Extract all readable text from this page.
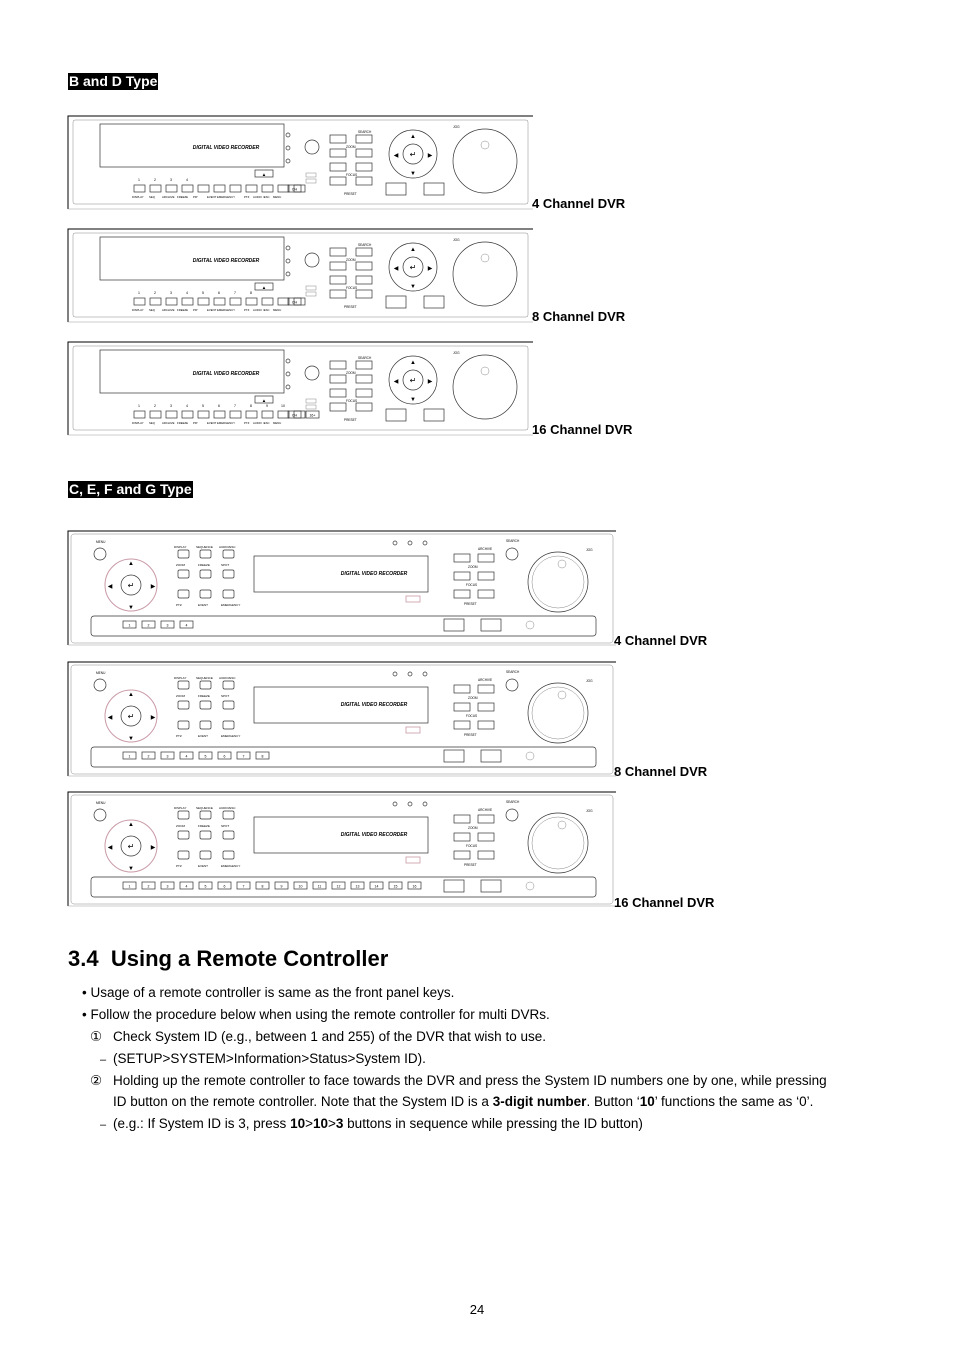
B and D Type
C, E, F and G Type
DIGITAL VIDEO RECORDER
▲
1	2	3	4
CH
DISPLAY SEQ	ARCHIVE FREEZE PIP	EVENT EMERGENCY	PTZ AUDIO /ESC MENU
SEARCH
ZOOM
FOCUS
PRESET
↵
▲
▼
◀	▶
JOG
DIGITAL VIDEO RECORDER
▲
1	2	3	4	5	6	7	8
CH
DISPLAY SEQ	ARCHIVE FREEZE PIP	EVENT EMERGENCY	PTZ AUDIO /ESC MENU
SEARCH
ZOOM
FOCUS
PRESET
↵
▲
▼
◀	▶
JOG
DIGITAL VIDEO RECORDER
▲
1	2	3	4	5	6	7	8	9	10
CH	16+
DISPLAY SEQ	ARCHIVE FREEZE PIP	EVENT EMERGENCY	PTZ AUDIO /ESC MENU
SEARCH
ZOOM
FOCUS
PRESET
↵
▲
▼
◀	▶
JOG
4 Channel DVR
8 Channel DVR
16 Channel DVR
MENU
↵
▲
▼
◀	▶
DISPLAY	SEQUENCE AUDIO/ESC
ZOOM	FREEZE	SPOT
PTZ	EVENT	EMERGENCY
DIGITAL VIDEO RECORDER
ARCHIVE
ZOOM
FOCUS
PRESET
SEARCH
JOG
1	2	3	4
MENU
↵
▲
▼
◀	▶
DISPLAY	SEQUENCE AUDIO/ESC
ZOOM	FREEZE	SPOT
PTZ	EVENT	EMERGENCY
DIGITAL VIDEO RECORDER
ARCHIVE
ZOOM
FOCUS
PRESET
SEARCH
JOG
1	2	3	4	5	6	7	8
MENU
↵
▲
▼
◀	▶
DISPLAY	SEQUENCE AUDIO/ESC
ZOOM	FREEZE	SPOT
PTZ	EVENT	EMERGENCY
DIGITAL VIDEO RECORDER
ARCHIVE
ZOOM
FOCUS
PRESET
SEARCH
JOG
1	2	3	4	5	6	7	8	9	10	11	12	13	14	15	16
4 Channel DVR
8 Channel DVR
16 Channel DVR
3.4 Using a Remote Controller
• Usage of a remote controller is same as the front panel keys.
• Follow the procedure below when using the remote controller for multi DVRs.
① Check System ID (e.g., between 1 and 255) of the DVR that wish to use.
– (SETUP>SYSTEM>Information>Status>System ID).
② Holding up the remote controller to face towards the DVR and press the System ID numbers one by one, while pressing
ID button on the remote controller. Note that the System ID is a 3-digit number. Button ‘10’ functions the same as ‘0’.
– (e.g.: If System ID is 3, press 10>10>3 buttons in sequence while pressing the ID button)
24
